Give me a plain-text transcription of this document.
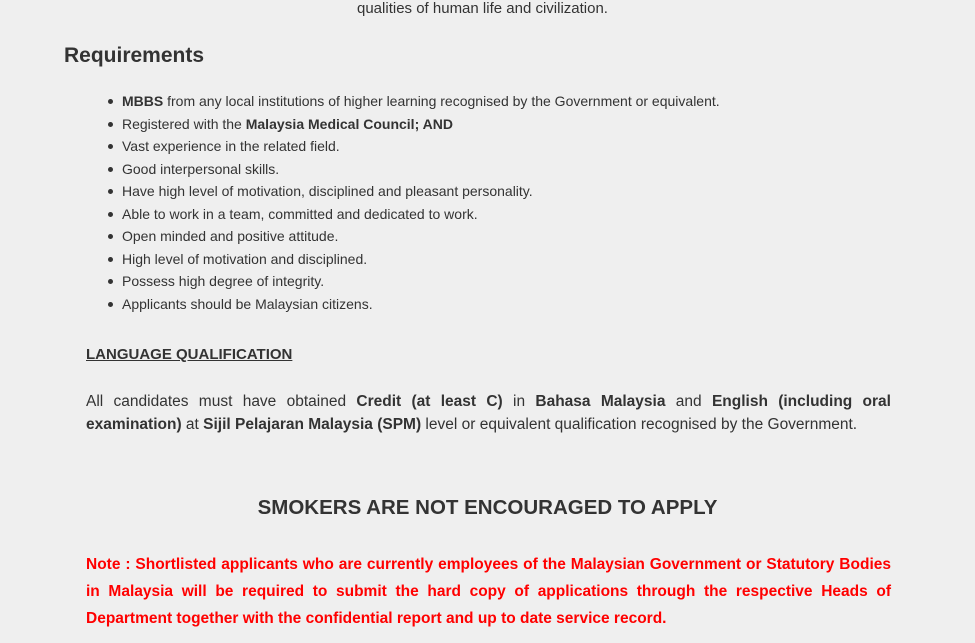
qualities of human life and civilization.
Requirements
MBBS from any local institutions of higher learning recognised by the Government or equivalent.
Registered with the Malaysia Medical Council; AND
Vast experience in the related field.
Good interpersonal skills.
Have high level of motivation, disciplined and pleasant personality.
Able to work in a team, committed and dedicated to work.
Open minded and positive attitude.
High level of motivation and disciplined.
Possess high degree of integrity.
Applicants should be Malaysian citizens.
LANGUAGE QUALIFICATION

All candidates must have obtained Credit (at least C) in Bahasa Malaysia and English (including oral examination) at Sijil Pelajaran Malaysia (SPM) level or equivalent qualification recognised by the Government.

SMOKERS ARE NOT ENCOURAGED TO APPLY

Note : Shortlisted applicants who are currently employees of the Malaysian Government or Statutory Bodies in Malaysia will be required to submit the hard copy of applications through the respective Heads of Department together with the confidential report and up to date service record.
